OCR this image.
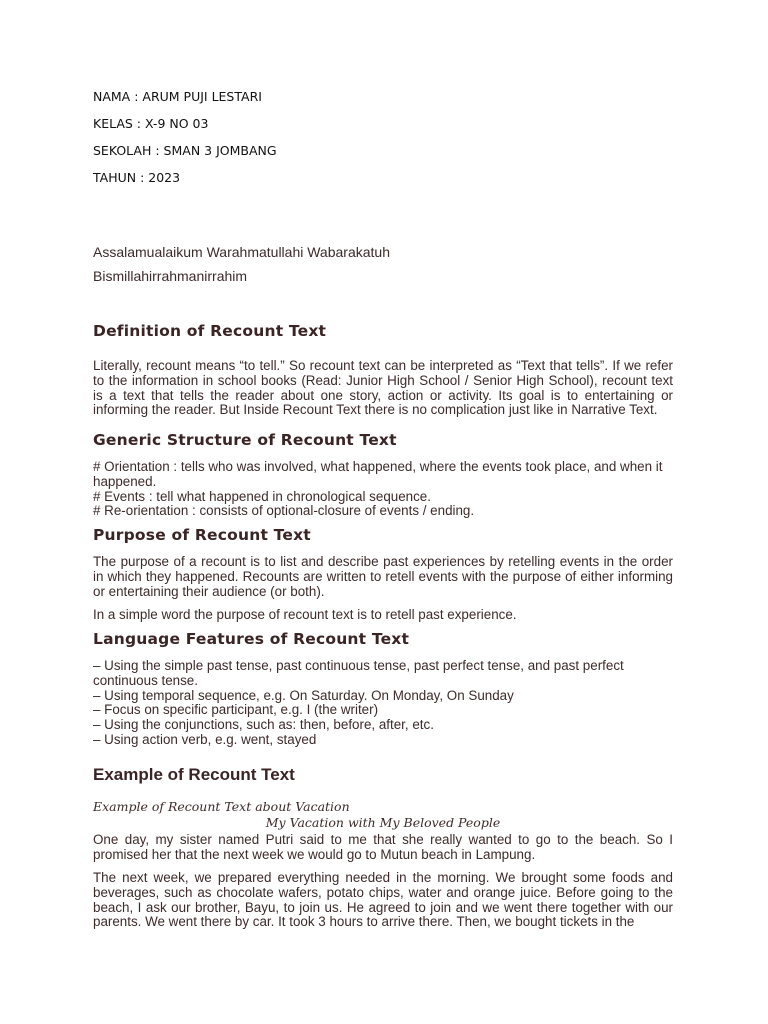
NAMA : ARUM PUJI LESTARI
KELAS : X-9 NO 03
SEKOLAH : SMAN 3 JOMBANG
TAHUN : 2023
Assalamualaikum Warahmatullahi Wabarakatuh
Bismillahirrahmanirrahim
Definition of Recount Text

Literally, recount means “to tell.” So recount text can be interpreted as “Text that tells”. If we refer to the information in school books (Read: Junior High School / Senior High School), recount text is a text that tells the reader about one story, action or activity. Its goal is to entertaining or informing the reader. But Inside Recount Text there is no complication just like in Narrative Text.

Generic Structure of Recount Text
# Orientation : tells who was involved, what happened, where the events took place, and when it happened.
# Events : tell what happened in chronological sequence.
# Re-orientation : consists of optional-closure of events / ending.
Purpose of Recount Text

The purpose of a recount is to list and describe past experiences by retelling events in the order in which they happened. Recounts are written to retell events with the purpose of either informing or entertaining their audience (or both).

In a simple word the purpose of recount text is to retell past experience.

Language Features of Recount Text
– Using the simple past tense, past continuous tense, past perfect tense, and past perfect continuous tense.
– Using temporal sequence, e.g. On Saturday. On Monday, On Sunday
– Focus on specific participant, e.g. I (the writer)
– Using the conjunctions, such as: then, before, after, etc.
– Using action verb, e.g. went, stayed
Example of Recount Text
Example of Recount Text about Vacation
My Vacation with My Beloved People

One day, my sister named Putri said to me that she really wanted to go to the beach. So I promised her that the next week we would go to Mutun beach in Lampung.

The next week, we prepared everything needed in the morning. We brought some foods and beverages, such as chocolate wafers, potato chips, water and orange juice. Before going to the beach, I ask our brother, Bayu, to join us. He agreed to join and we went there together with our parents. We went there by car. It took 3 hours to arrive there. Then, we bought tickets in the
